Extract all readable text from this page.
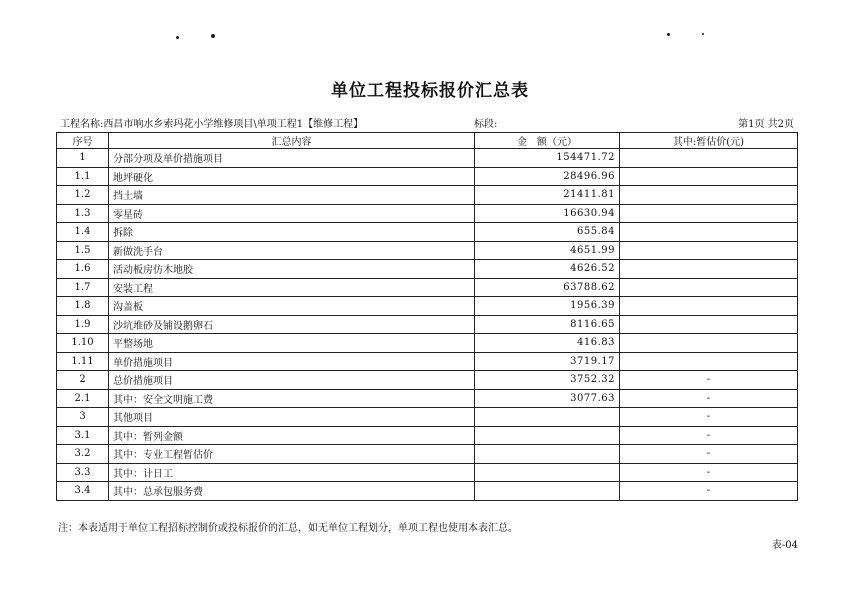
单位工程投标报价汇总表
工程名称:西昌市响水乡索玛花小学维修项目\单项工程1【维修工程】	标段:	第1页 共2页
序号	汇总内容	金　额（元）	其中:暂估价(元)
1	分部分项及单价措施项目	154471.72	
1.1	地坪硬化	28496.96	
1.2	挡土墙	21411.81	
1.3	零星砖	16630.94	
1.4	拆除	655.84	
1.5	新做洗手台	4651.99	
1.6	活动板房仿木地胶	4626.52	
1.7	安装工程	63788.62	
1.8	沟盖板	1956.39	
1.9	沙坑堆砂及铺设鹅卵石	8116.65	
1.10	平整场地	416.83	
1.11	单价措施项目	3719.17	
2	总价措施项目	3752.32	-
2.1	其中：安全文明施工费	3077.63	-
3	其他项目		-
3.1	其中：暂列金额		-
3.2	其中：专业工程暂估价		-
3.3	其中：计日工		-
3.4	其中：总承包服务费		-
注：本表适用于单位工程招标控制价或投标报价的汇总，如无单位工程划分，单项工程也使用本表汇总。
表-04
